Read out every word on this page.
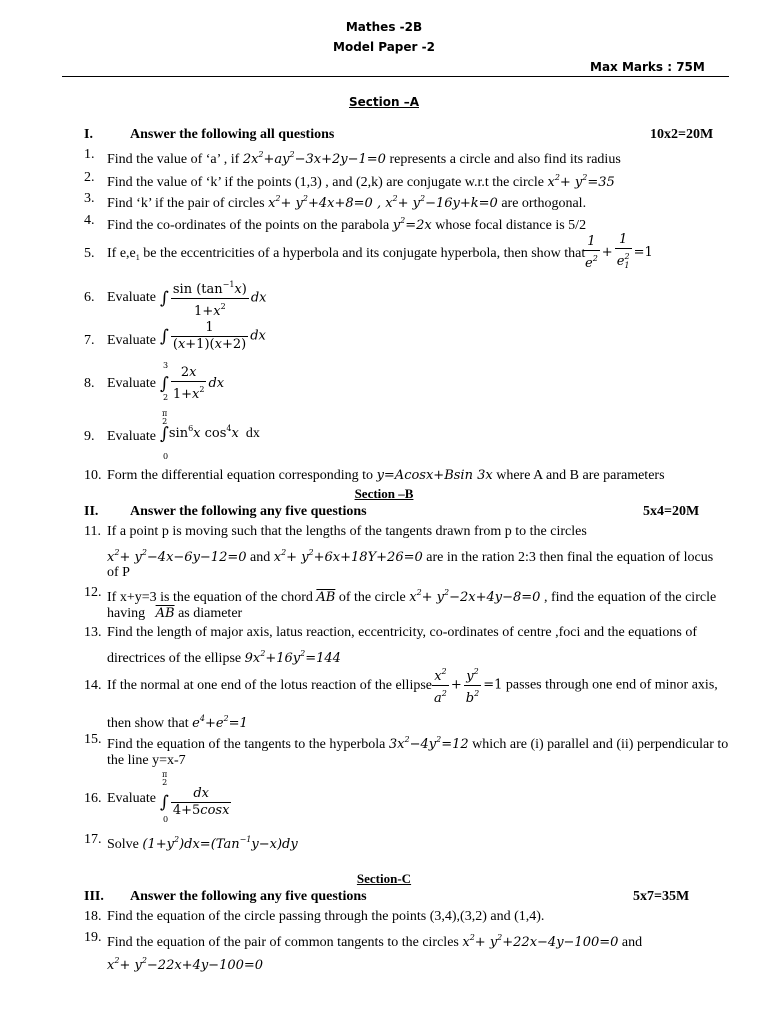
Mathes -2B
Model Paper -2
Max Marks : 75M
Section –A
I.	Answer the following all questions	10x2=20M
1. Find the value of ‘a’ , if $2x^2+ay^2-3x+2y-1=0$ represents a circle and also find its radius
2. Find the value of ‘k’ if the points (1,3) , and (2,k) are conjugate w.r.t the circle $x^2+ y^2=35$
3. Find ‘k’ if the pair of circles $x^2+ y^2+4x+8=0$ , $x^2+ y^2-16y+k=0$ are orthogonal.
4. Find the co-ordinates of the points on the parabola $y^2=2x$ whose focal distance is 5/2
5. If $e,e_1$ be the eccentricities of a hyperbola and its conjugate hyperbola, then show that
$\frac{1}{e^2} + \frac{1}{e_1^2} =1$
6. Evaluate ∫ $\frac{\sin (\tan^{-1}x)}{1+x^2}$ dx
7. Evaluate ∫ $\frac{1}{(x+1)(x+2)}$ dx
8. Evaluate ∫ $\frac{2x}{1+x^2}$ dx
3
2
9. Evaluate $\int\sin^6x$ $\cos^4x$ dx
π
2
0
10. Form the differential equation corresponding to y=Acosx+Bsin 3x where A and B are parameters
Section –B
II. Answer the following any five questions	5x4=20M
11. If a point p is moving such that the lengths of the tangents drawn from p to the circles
$x^2+ y^2-4x-6y-12=0$ and $x^2+ y^2+6x+18Y+26=0$ are in the ration 2:3 then final the equation of locus
of P
12. If x+y=3 is the equation of the chord $\overline{AB}$ of the circle $x^2+ y^2-2x+4y-8=0$ , find the equation of the circle
having $\overline{AB}$ as diameter
13. Find the length of major axis, latus reaction, eccentricity, co-ordinates of centre ,foci and the equations of
directrices of the ellipse $9x^2+16y^2=144$
14. If the normal at one end of the lotus reaction of the ellipse $\frac{x^2}{a^2} + \frac{y^2}{b^2} =1$ passes through one end of minor axis,
then show that $e^4+e^2=1$
15. Find the equation of the tangents to the hyperbola $3x^2-4y^2=12$ which are (i) parallel and (ii) perpendicular to
the line y=x-7
16. Evaluate ∫ $\frac{dx}{4+5\cos x}$
π
2
0
17. Solve $(1+y^2)dx=(Tan^{-1}y-x)dy$
Section-C
III. Answer the following any five questions	5x7=35M
18. Find the equation of the circle passing through the points (3,4),(3,2) and (1,4).
19. Find the equation of the pair of common tangents to the circles $x^2+ y^2+22x-4y-100=0$ and
$x^2+ y^2-22x+4y-100=0$
